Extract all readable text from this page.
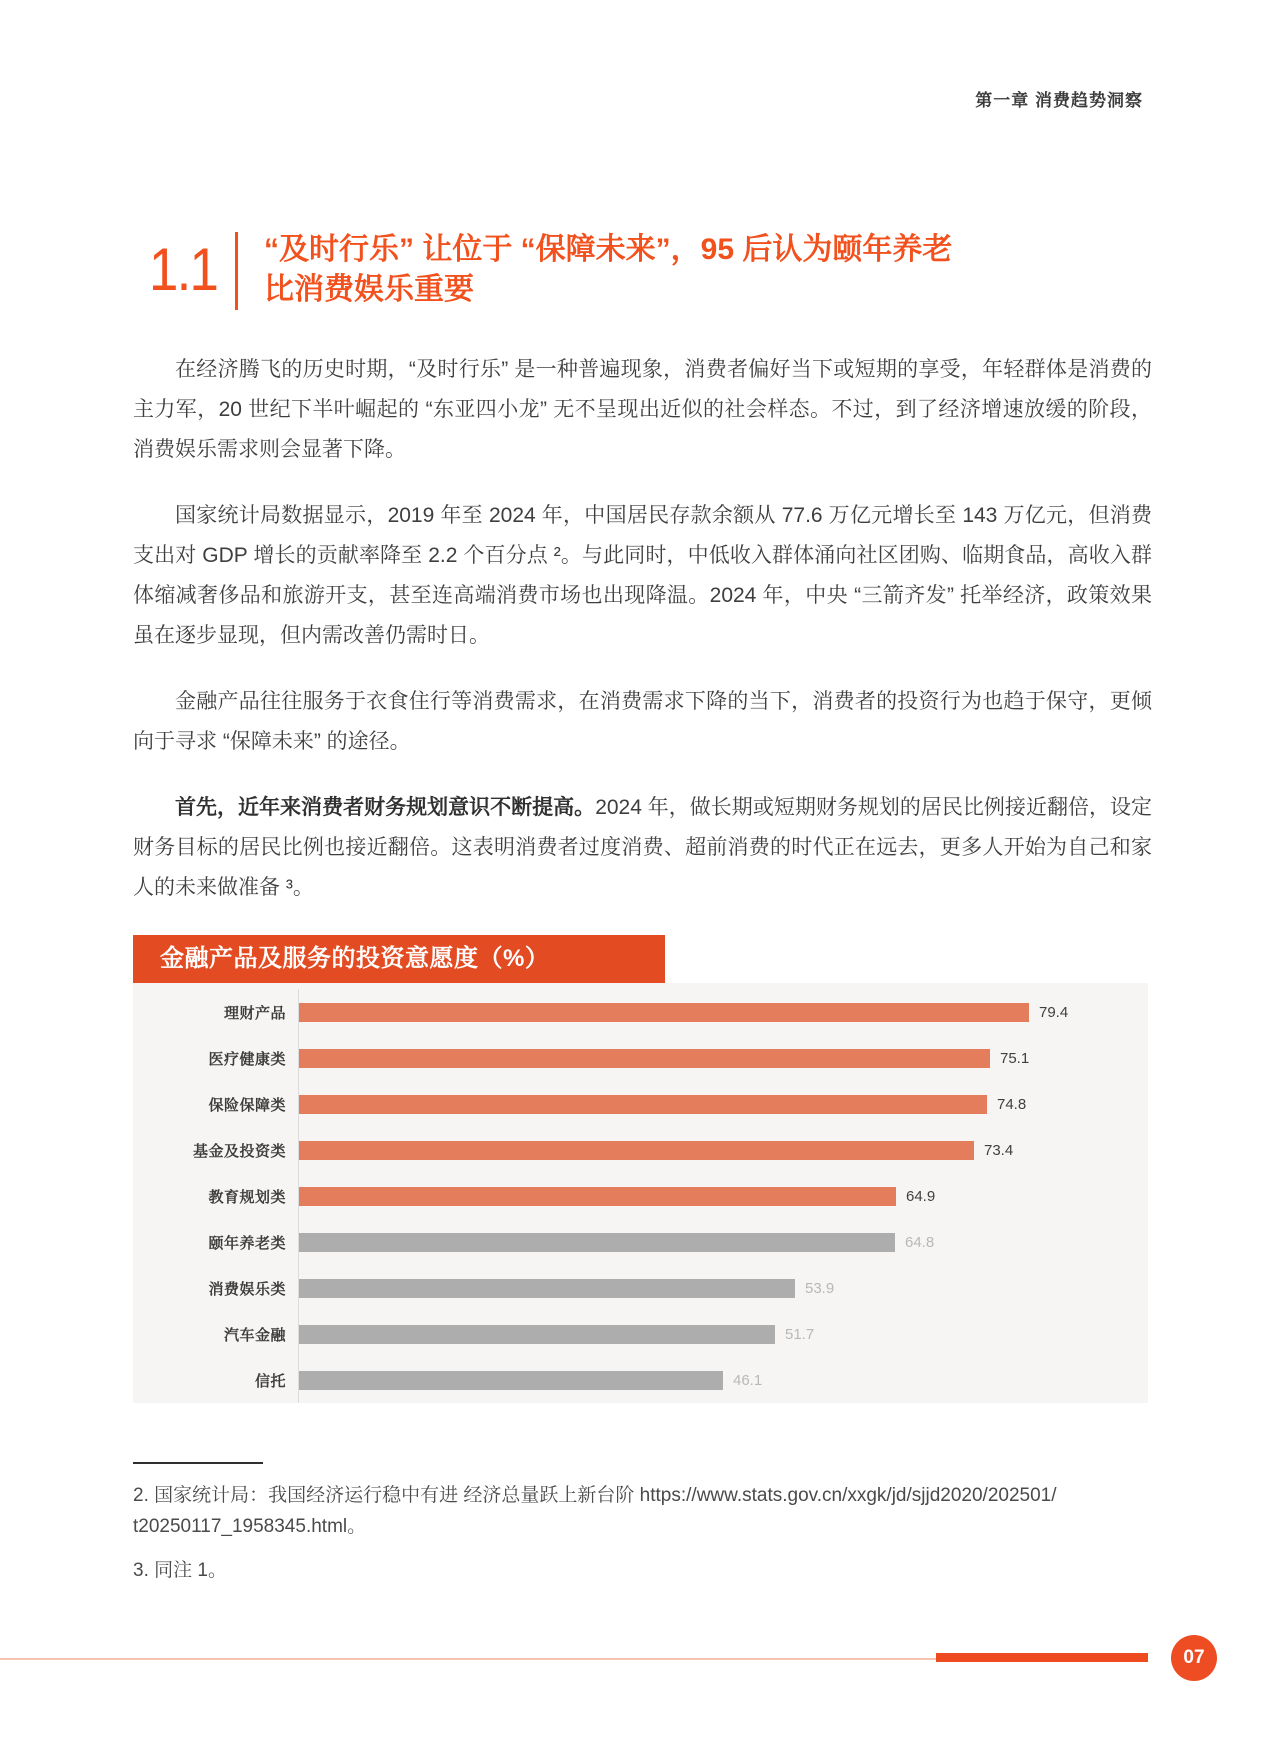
第一章 消费趋势洞察
1.1 “及时行乐” 让位于 “保障未来”，95 后认为颐年养老
比消费娱乐重要

在经济腾飞的历史时期，“及时行乐” 是一种普遍现象，消费者偏好当下或短期的享受，年轻群体是消费的主力军，20 世纪下半叶崛起的 “东亚四小龙” 无不呈现出近似的社会样态。不过，到了经济增速放缓的阶段，消费娱乐需求则会显著下降。

国家统计局数据显示，2019 年至 2024 年，中国居民存款余额从 77.6 万亿元增长至 143 万亿元，但消费支出对 GDP 增长的贡献率降至 2.2 个百分点 ²。与此同时，中低收入群体涌向社区团购、临期食品，高收入群体缩减奢侈品和旅游开支，甚至连高端消费市场也出现降温。2024 年，中央 “三箭齐发” 托举经济，政策效果虽在逐步显现，但内需改善仍需时日。

金融产品往往服务于衣食住行等消费需求，在消费需求下降的当下，消费者的投资行为也趋于保守，更倾向于寻求 “保障未来” 的途径。

首先，近年来消费者财务规划意识不断提高。2024 年，做长期或短期财务规划的居民比例接近翻倍，设定财务目标的居民比例也接近翻倍。这表明消费者过度消费、超前消费的时代正在远去，更多人开始为自己和家人的未来做准备 ³。

金融产品及服务的投资意愿度（%）
理财产品	79.4
医疗健康类	75.1
保险保障类	74.8
基金及投资类	73.4
教育规划类	64.9
颐年养老类	64.8
消费娱乐类	53.9
汽车金融	51.7
信托	46.1
2. 国家统计局：我国经济运行稳中有进 经济总量跃上新台阶 https://www.stats.gov.cn/xxgk/jd/sjjd2020/202501/
t20250117_1958345.html。
3. 同注 1。
07
